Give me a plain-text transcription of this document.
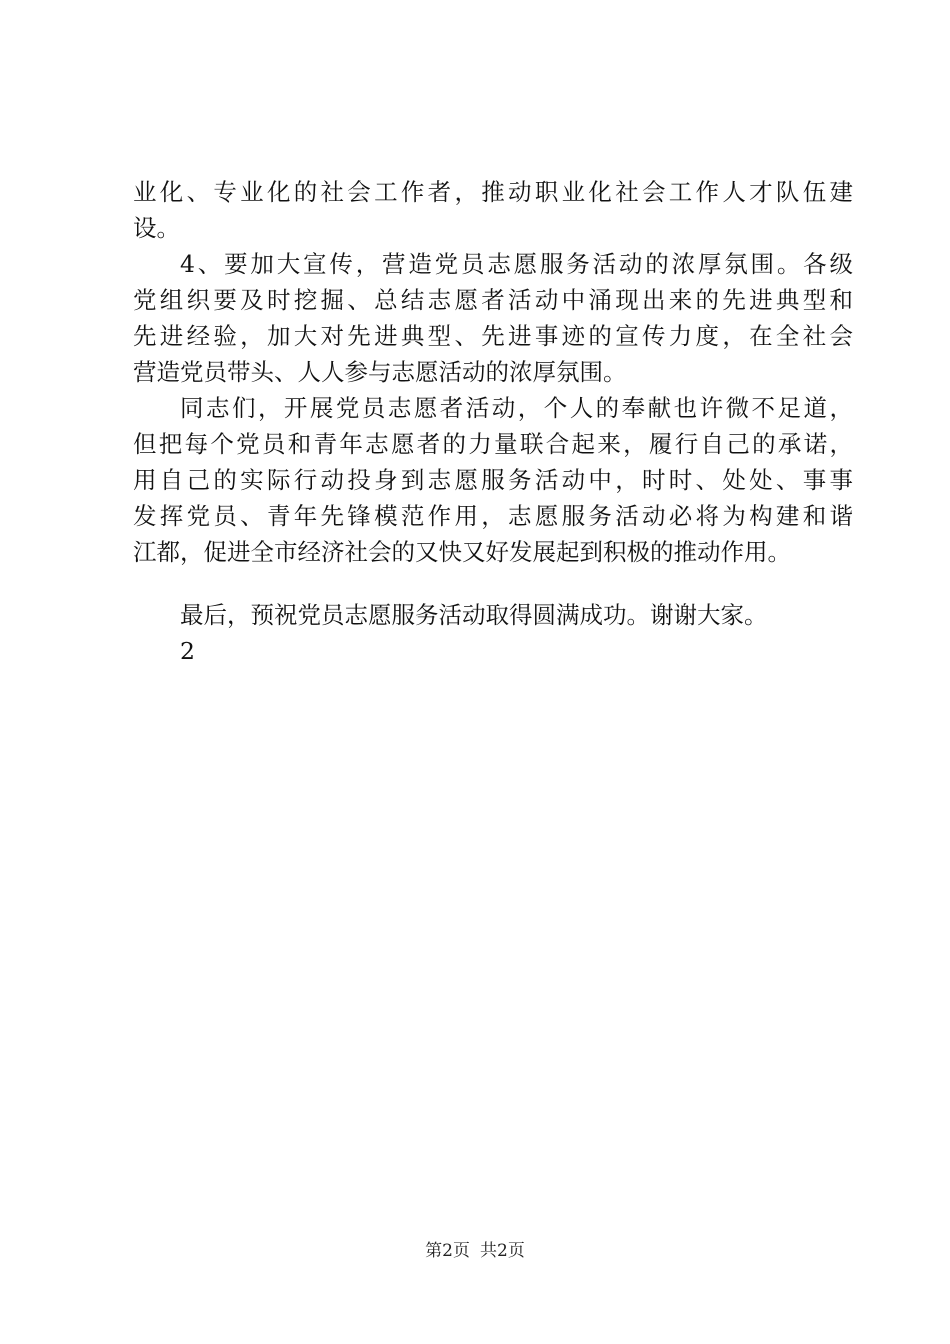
业化、专业化的社会工作者，推动职业化社会工作人才队伍建
设。
4、要加大宣传，营造党员志愿服务活动的浓厚氛围。各级
党组织要及时挖掘、总结志愿者活动中涌现出来的先进典型和
先进经验，加大对先进典型、先进事迹的宣传力度，在全社会
营造党员带头、人人参与志愿活动的浓厚氛围。
同志们，开展党员志愿者活动，个人的奉献也许微不足道，
但把每个党员和青年志愿者的力量联合起来，履行自己的承诺，
用自己的实际行动投身到志愿服务活动中，时时、处处、事事
发挥党员、青年先锋模范作用，志愿服务活动必将为构建和谐
江都，促进全市经济社会的又快又好发展起到积极的推动作用。
最后，预祝党员志愿服务活动取得圆满成功。谢谢大家。
2
第2页 共2页
